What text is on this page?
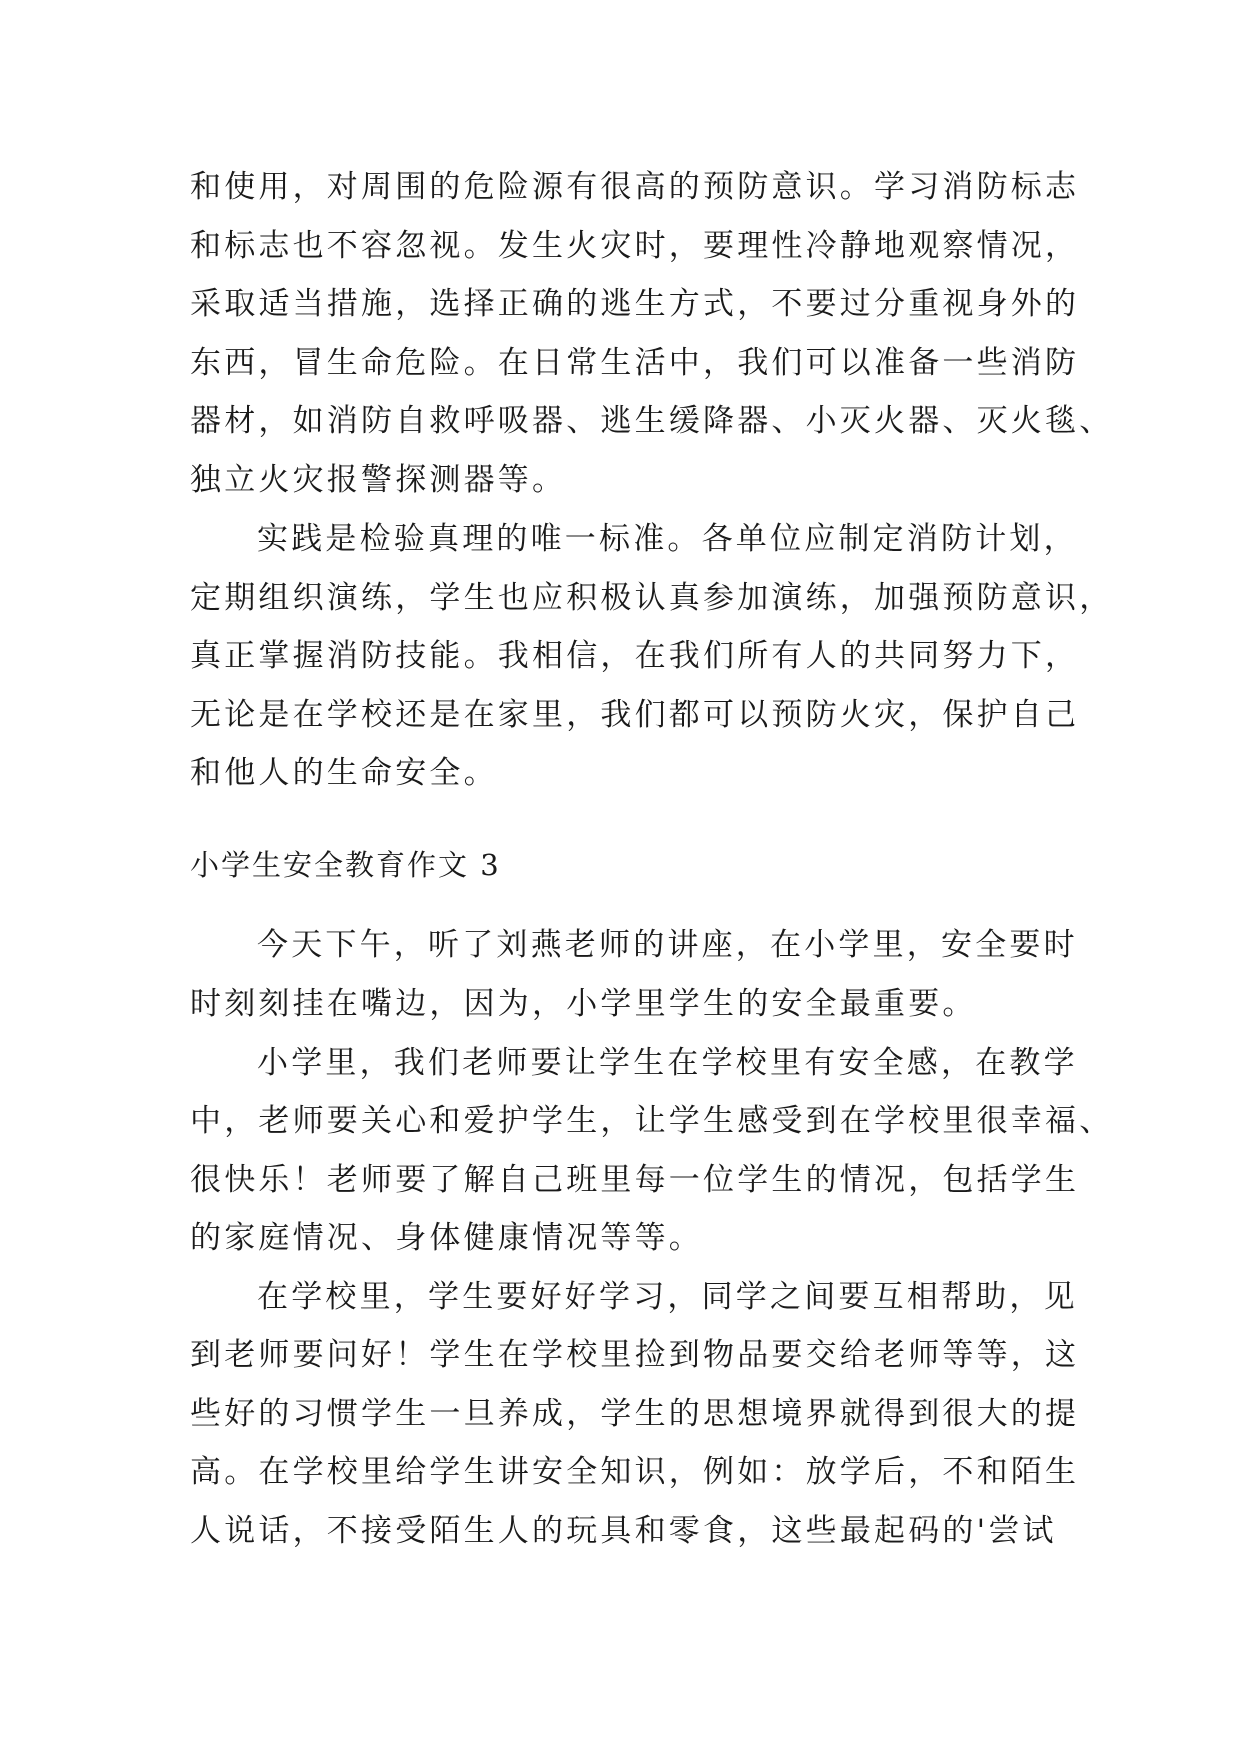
和使用，对周围的危险源有很高的预防意识。学习消防标志
和标志也不容忽视。发生火灾时，要理性冷静地观察情况，
采取适当措施，选择正确的逃生方式，不要过分重视身外的
东西，冒生命危险。在日常生活中，我们可以准备一些消防
器材，如消防自救呼吸器、逃生缓降器、小灭火器、灭火毯、
独立火灾报警探测器等。
实践是检验真理的唯一标准。各单位应制定消防计划，
定期组织演练，学生也应积极认真参加演练，加强预防意识，
真正掌握消防技能。我相信，在我们所有人的共同努力下，
无论是在学校还是在家里，我们都可以预防火灾，保护自己
和他人的生命安全。
小学生安全教育作文 3
今天下午，听了刘燕老师的讲座，在小学里，安全要时
时刻刻挂在嘴边，因为，小学里学生的安全最重要。
小学里，我们老师要让学生在学校里有安全感，在教学
中，老师要关心和爱护学生，让学生感受到在学校里很幸福、
很快乐！老师要了解自己班里每一位学生的情况，包括学生
的家庭情况、身体健康情况等等。
在学校里，学生要好好学习，同学之间要互相帮助，见
到老师要问好！学生在学校里捡到物品要交给老师等等，这
些好的习惯学生一旦养成，学生的思想境界就得到很大的提
高。在学校里给学生讲安全知识，例如：放学后，不和陌生
人说话，不接受陌生人的玩具和零食，这些最起码的'尝试
